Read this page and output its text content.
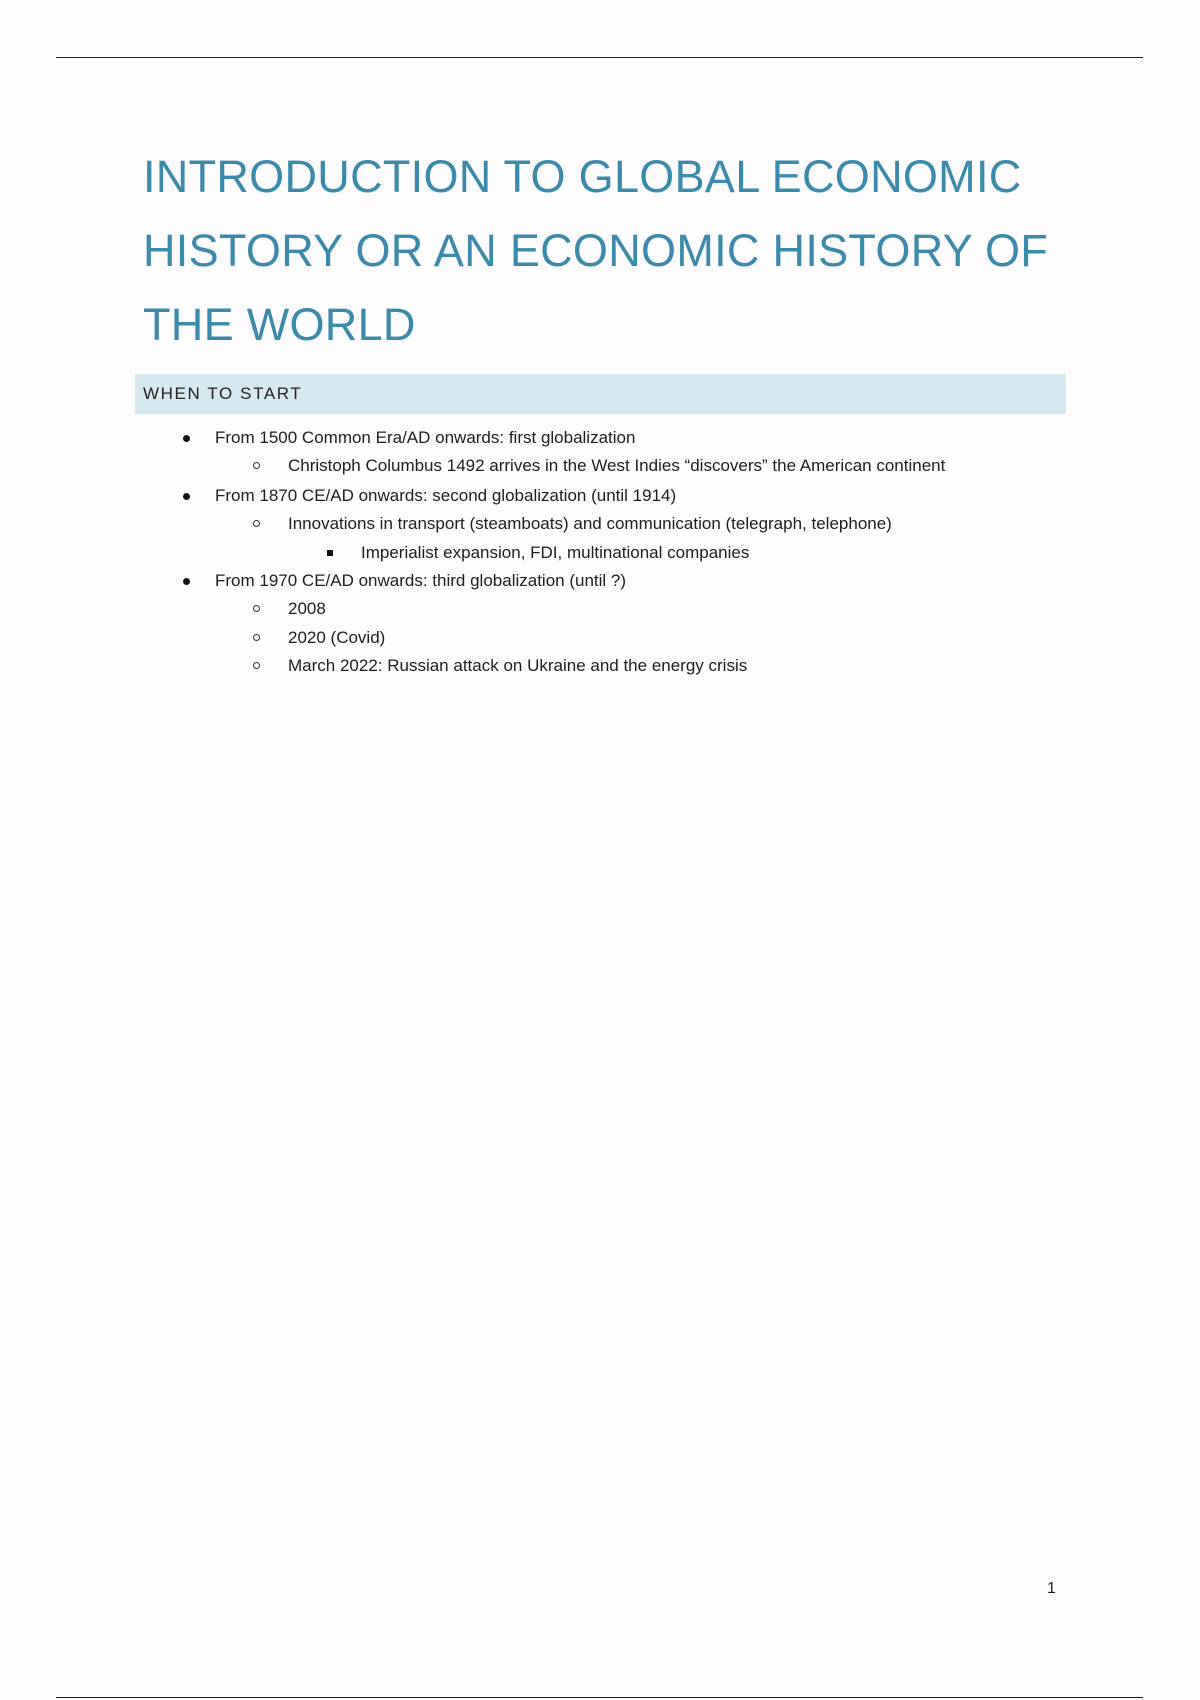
INTRODUCTION TO GLOBAL ECONOMIC
HISTORY OR AN ECONOMIC HISTORY OF
THE WORLD
WHEN TO START
From 1500 Common Era/AD onwards: first globalization
Christoph Columbus 1492 arrives in the West Indies “discovers” the American continent
From 1870 CE/AD onwards: second globalization (until 1914)
Innovations in transport (steamboats) and communication (telegraph, telephone)
Imperialist expansion, FDI, multinational companies
From 1970 CE/AD onwards: third globalization (until ?)
2008
2020 (Covid)
March 2022: Russian attack on Ukraine and the energy crisis
1
